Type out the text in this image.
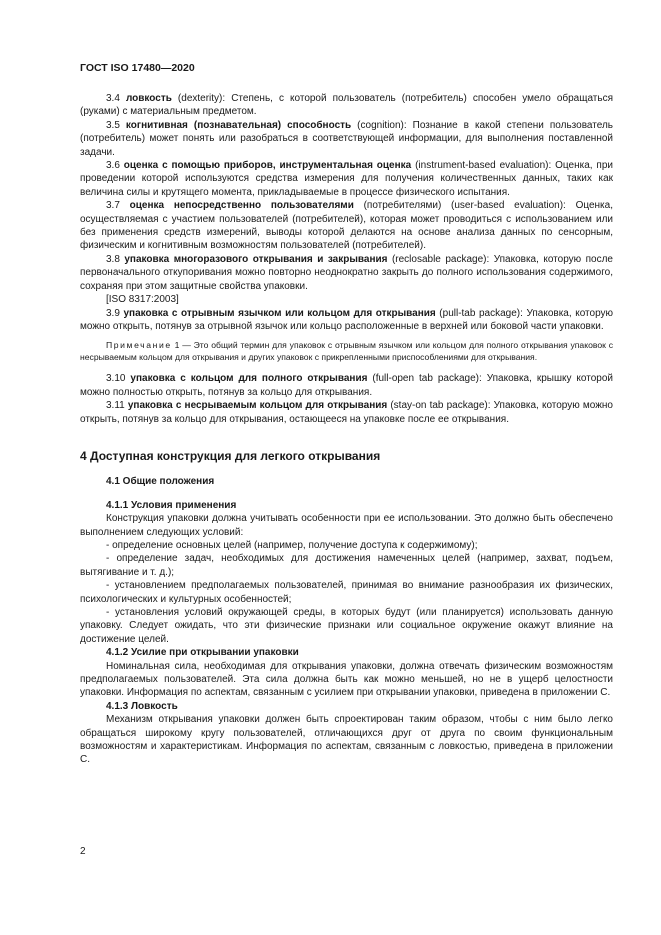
ГОСТ ISO 17480—2020

3.4 ловкость (dexterity): Степень, с которой пользователь (потребитель) способен умело обращаться (руками) с материальным предметом.

3.5 когнитивная (познавательная) способность (cognition): Познание в какой степени пользователь (потребитель) может понять или разобраться в соответствующей информации, для выполнения поставленной задачи.

3.6 оценка с помощью приборов, инструментальная оценка (instrument-based evaluation): Оценка, при проведении которой используются средства измерения для получения количественных данных, таких как величина силы и крутящего момента, прикладываемые в процессе физического испытания.

3.7 оценка непосредственно пользователями (потребителями) (user-based evaluation): Оценка, осуществляемая с участием пользователей (потребителей), которая может проводиться с использованием или без применения средств измерений, выводы которой делаются на основе анализа данных по сенсорным, физическим и когнитивным возможностям пользователей (потребителей).

3.8 упаковка многоразового открывания и закрывания (reclosable package): Упаковка, которую после первоначального откупоривания можно повторно неоднократно закрыть до полного использования содержимого, сохраняя при этом защитные свойства упаковки.

[ISO 8317:2003]

3.9 упаковка с отрывным язычком или кольцом для открывания (pull-tab package): Упаковка, которую можно открыть, потянув за отрывной язычок или кольцо расположенные в верхней или боковой части упаковки.

Примечание 1 — Это общий термин для упаковок с отрывным язычком или кольцом для полного открывания упаковок с несрываемым кольцом для открывания и других упаковок с прикрепленными приспособлениями для открывания.

3.10 упаковка с кольцом для полного открывания (full-open tab package): Упаковка, крышку которой можно полностью открыть, потянув за кольцо для открывания.

3.11 упаковка с несрываемым кольцом для открывания (stay-on tab package): Упаковка, которую можно открыть, потянув за кольцо для открывания, остающееся на упаковке после ее открывания.

4 Доступная конструкция для легкого открывания
4.1 Общие положения
4.1.1 Условия применения

Конструкция упаковки должна учитывать особенности при ее использовании. Это должно быть обеспечено выполнением следующих условий:

- определение основных целей (например, получение доступа к содержимому);

- определение задач, необходимых для достижения намеченных целей (например, захват, подъем, вытягивание и т. д.);

- установлением предполагаемых пользователей, принимая во внимание разнообразия их физических, психологических и культурных особенностей;

- установления условий окружающей среды, в которых будут (или планируется) использовать данную упаковку. Следует ожидать, что эти физические признаки или социальное окружение окажут влияние на достижение целей.

4.1.2 Усилие при открывании упаковки

Номинальная сила, необходимая для открывания упаковки, должна отвечать физическим возможностям предполагаемых пользователей. Эта сила должна быть как можно меньшей, но не в ущерб целостности упаковки. Информация по аспектам, связанным с усилием при открывании упаковки, приведена в приложении С.

4.1.3 Ловкость

Механизм открывания упаковки должен быть спроектирован таким образом, чтобы с ним было легко обращаться широкому кругу пользователей, отличающихся друг от друга по своим функциональным возможностям и характеристикам. Информация по аспектам, связанным с ловкостью, приведена в приложении С.

2
